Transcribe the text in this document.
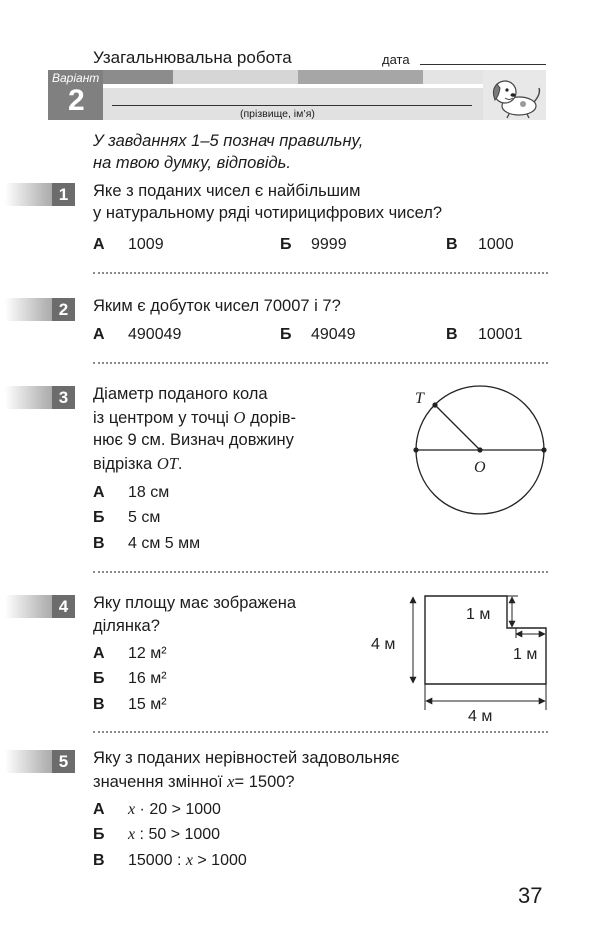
Узагальнювальна робота	дата
(прізвище, ім’я)
Варіант
2
У завданнях 1–5 познач правильну,
на твою думку, відповідь.
1	Яке з поданих чисел є найбільшим
у натуральному ряді чотирицифрових чисел?
А 1009	Б 9999	В 1000
2	Яким є добуток чисел 70007 і 7?
А 490049	Б 49049	В 10001
3	Діаметр поданого кола
із центром у точці O дорів-
нює 9 см. Визнач довжину
відрізка OT.
А 18 см
Б 5 см
В 4 см 5 мм
T
O
4	Яку площу має зображена
ділянка?
А 12 м²
Б 16 м²
В 15 м²
1 м
1 м
4 м
4 м
5	Яку з поданих нерівностей задовольняє
значення змінної x= 1500?
А x · 20 > 1000
Б x : 50 > 1000
В 15000 : x > 1000
37
